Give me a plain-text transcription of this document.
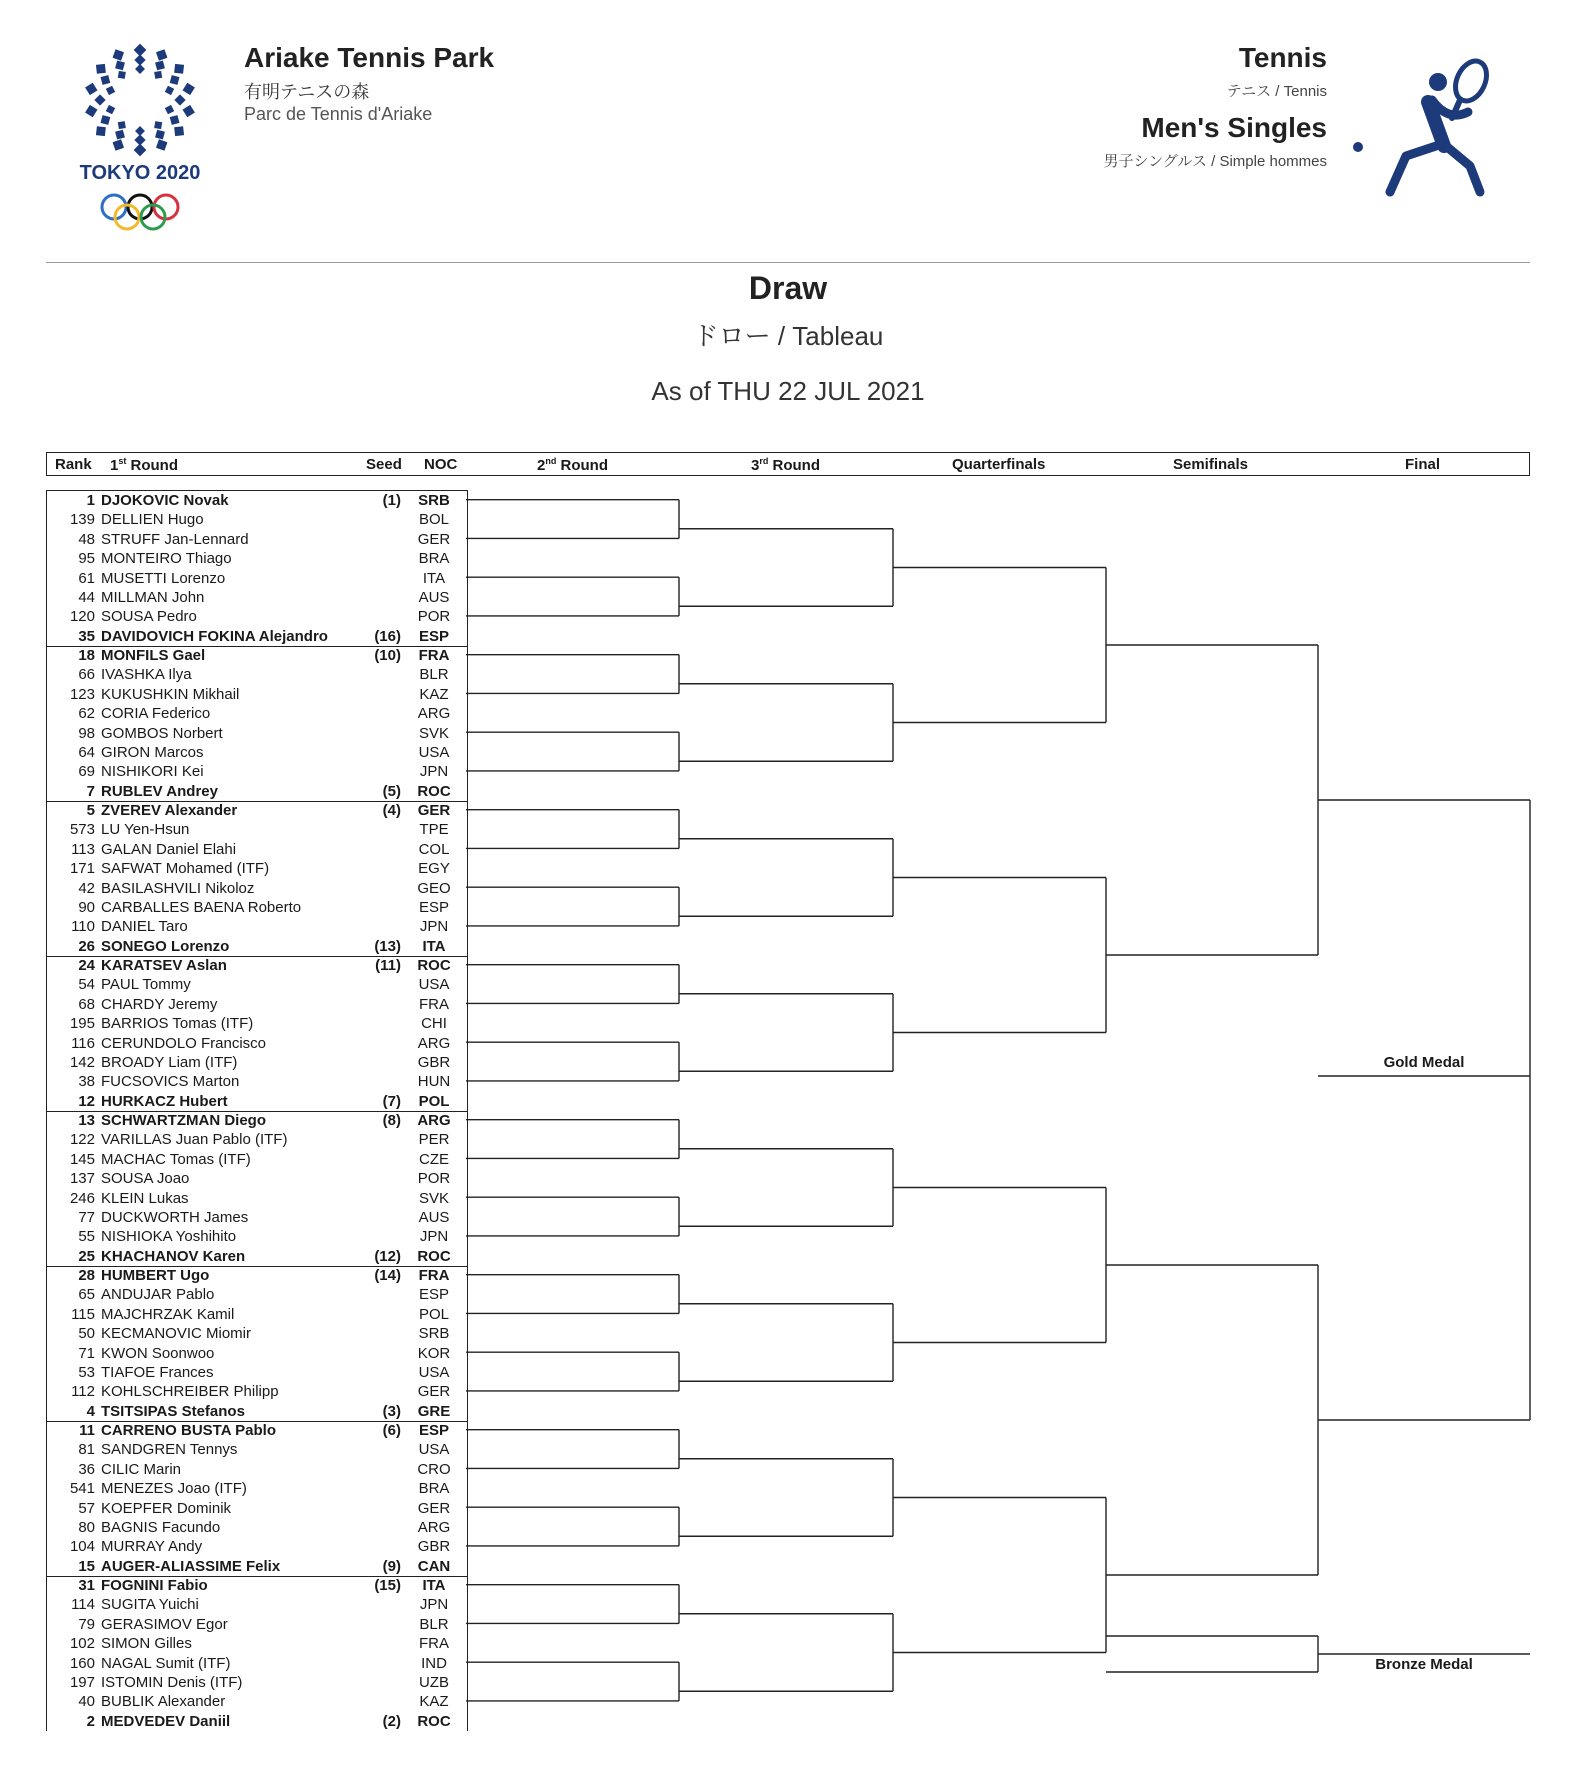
TOKYO 2020
Ariake Tennis Park
有明テニスの森
Parc de Tennis d'Ariake
Tennis
テニス / Tennis
Men's Singles
男子シングルス / Simple hommes
Draw
ドロー / Tableau
As of THU 22 JUL 2021
Rank 1st Round	Seed NOC	2nd Round	3rd Round	Quarterfinals	Semifinals	Final
1 DJOKOVIC Novak	(1)	SRB
139 DELLIEN Hugo	BOL
48 STRUFF Jan-Lennard	GER
95 MONTEIRO Thiago	BRA
61 MUSETTI Lorenzo	ITA
44 MILLMAN John	AUS
120 SOUSA Pedro	POR
35 DAVIDOVICH FOKINA Alejandro	(16)	ESP
18 MONFILS Gael	(10)	FRA
66 IVASHKA Ilya	BLR
123 KUKUSHKIN Mikhail	KAZ
62 CORIA Federico	ARG
98 GOMBOS Norbert	SVK
64 GIRON Marcos	USA
69 NISHIKORI Kei	JPN
7 RUBLEV Andrey	(5)	ROC
5 ZVEREV Alexander	(4)	GER
573 LU Yen-Hsun	TPE
113 GALAN Daniel Elahi	COL
171 SAFWAT Mohamed (ITF)	EGY
42 BASILASHVILI Nikoloz	GEO
90 CARBALLES BAENA Roberto	ESP
110 DANIEL Taro	JPN
26 SONEGO Lorenzo	(13)	ITA
24 KARATSEV Aslan	(11)	ROC
54 PAUL Tommy	USA
68 CHARDY Jeremy	FRA
195 BARRIOS Tomas (ITF)	CHI
116 CERUNDOLO Francisco	ARG
142 BROADY Liam (ITF)	GBR
38 FUCSOVICS Marton	HUN
12 HURKACZ Hubert	(7)	POL
13 SCHWARTZMAN Diego	(8)	ARG
122 VARILLAS Juan Pablo (ITF)	PER
145 MACHAC Tomas (ITF)	CZE
137 SOUSA Joao	POR
246 KLEIN Lukas	SVK
77 DUCKWORTH James	AUS
55 NISHIOKA Yoshihito	JPN
25 KHACHANOV Karen	(12)	ROC
28 HUMBERT Ugo	(14)	FRA
65 ANDUJAR Pablo	ESP
115 MAJCHRZAK Kamil	POL
50 KECMANOVIC Miomir	SRB
71 KWON Soonwoo	KOR
53 TIAFOE Frances	USA
112 KOHLSCHREIBER Philipp	GER
4 TSITSIPAS Stefanos	(3)	GRE
11 CARRENO BUSTA Pablo	(6)	ESP
81 SANDGREN Tennys	USA
36 CILIC Marin	CRO
541 MENEZES Joao (ITF)	BRA
57 KOEPFER Dominik	GER
80 BAGNIS Facundo	ARG
104 MURRAY Andy	GBR
15 AUGER-ALIASSIME Felix	(9)	CAN
31 FOGNINI Fabio	(15)	ITA
114 SUGITA Yuichi	JPN
79 GERASIMOV Egor	BLR
102 SIMON Gilles	FRA
160 NAGAL Sumit (ITF)	IND
197 ISTOMIN Denis (ITF)	UZB
40 BUBLIK Alexander	KAZ
2 MEDVEDEV Daniil	(2)	ROC
Gold Medal
Bronze Medal
